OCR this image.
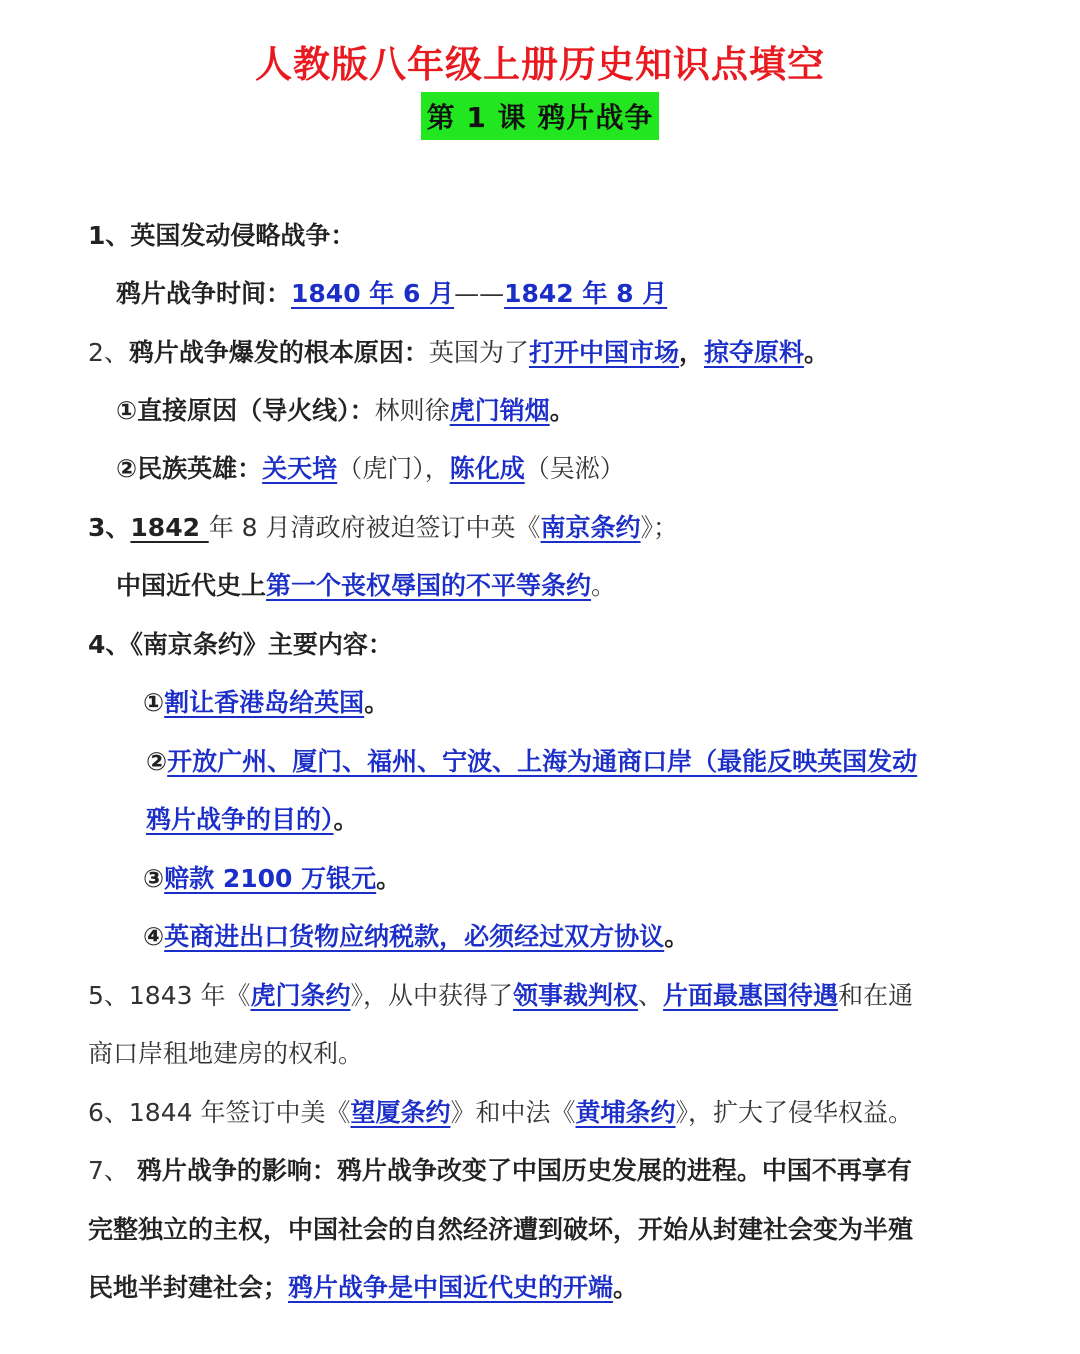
人教版八年级上册历史知识点填空
第 1 课 鸦片战争
1、英国发动侵略战争：
鸦片战争时间：1840 年 6 月——1842 年 8 月
2、鸦片战争爆发的根本原因：英国为了打开中国市场，掠夺原料。
①直接原因（导火线）：林则徐虎门销烟。
②民族英雄：关天培（虎门），陈化成（吴淞）
3、1842 年 8 月清政府被迫签订中英《南京条约》；
中国近代史上第一个丧权辱国的不平等条约。
4、《南京条约》主要内容：
①割让香港岛给英国。
②开放广州、厦门、福州、宁波、上海为通商口岸（最能反映英国发动
鸦片战争的目的）。
③赔款 2100 万银元。
④英商进出口货物应纳税款，必须经过双方协议。
5、1843 年《虎门条约》，从中获得了领事裁判权、片面最惠国待遇和在通
商口岸租地建房的权利。
6、1844 年签订中美《望厦条约》和中法《黄埔条约》，扩大了侵华权益。
7、 鸦片战争的影响：鸦片战争改变了中国历史发展的进程。中国不再享有
完整独立的主权，中国社会的自然经济遭到破坏，开始从封建社会变为半殖
民地半封建社会；鸦片战争是中国近代史的开端。
